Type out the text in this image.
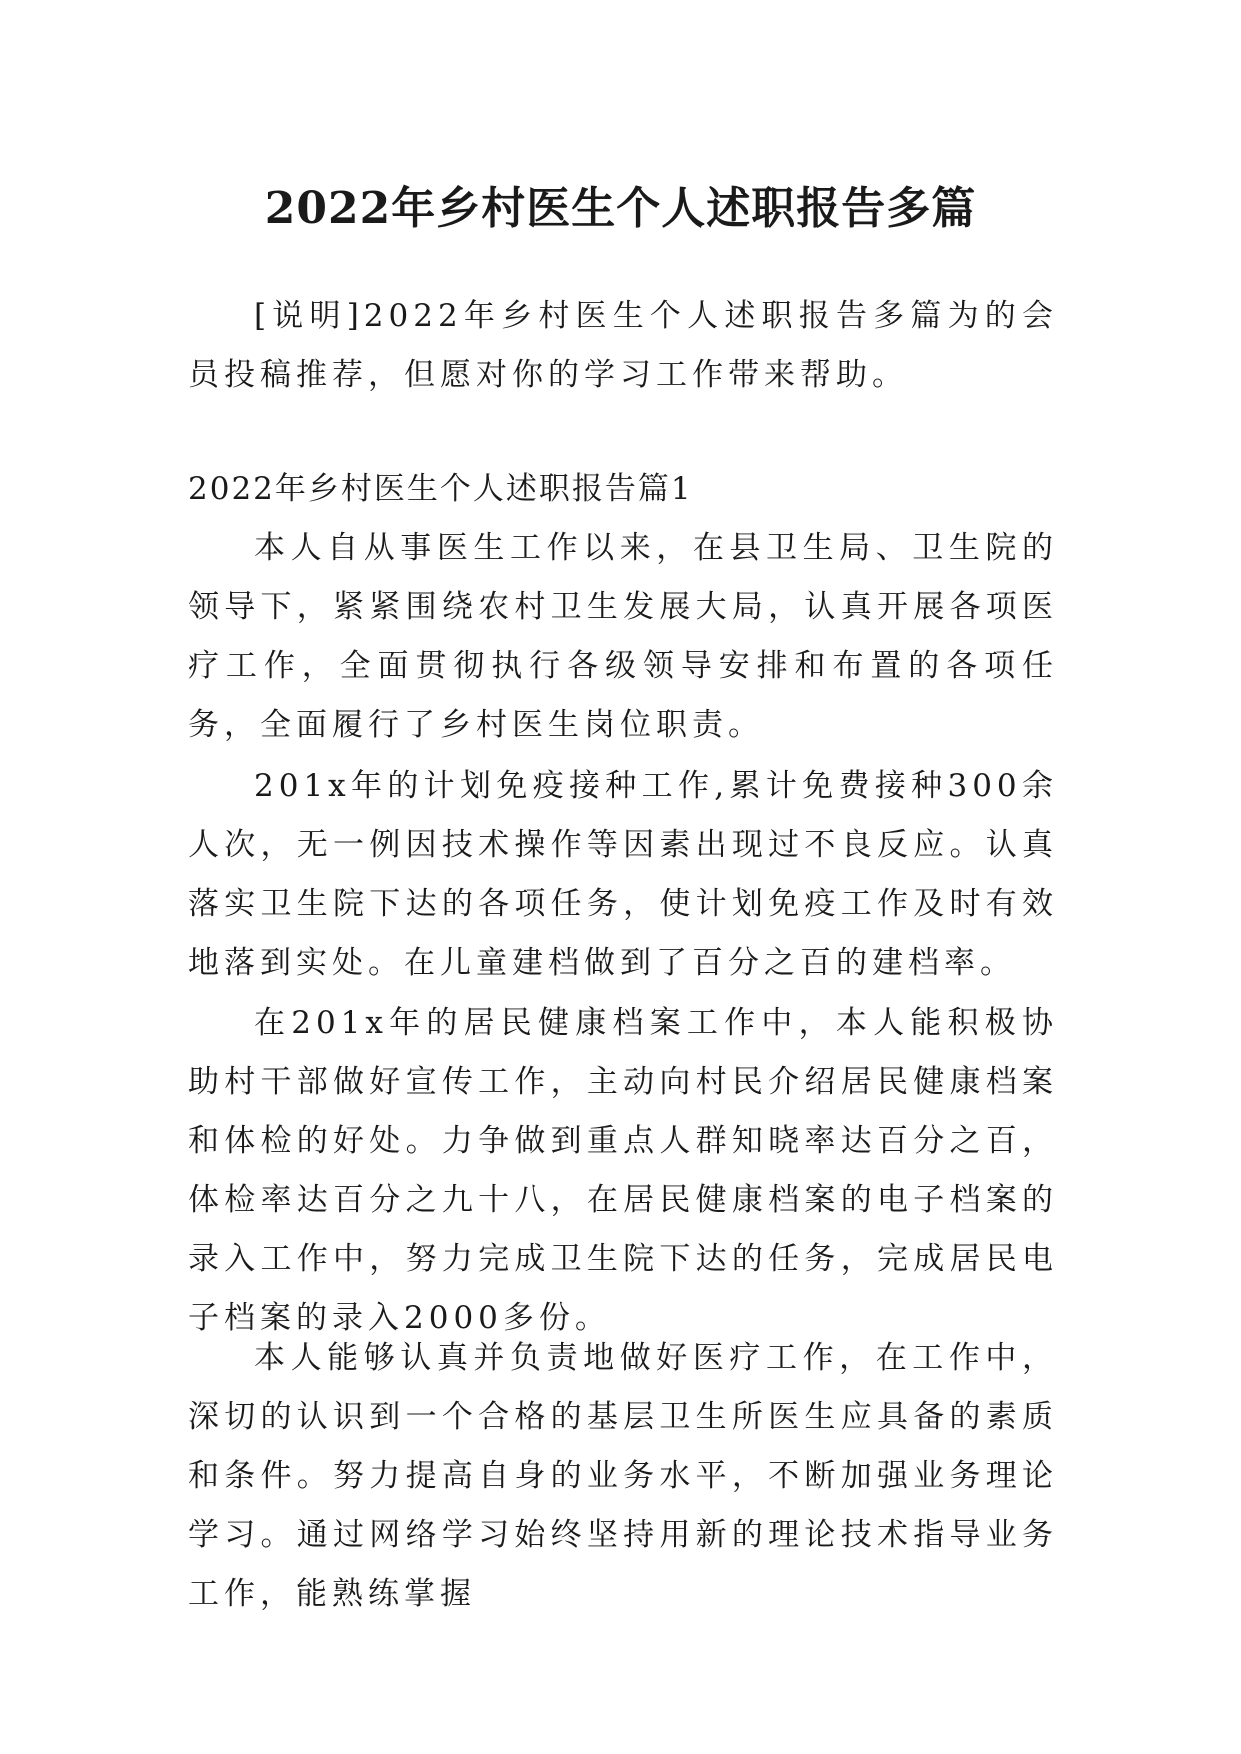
2022年乡村医生个人述职报告多篇

[说明]2022年乡村医生个人述职报告多篇为的会员投稿推荐，但愿对你的学习工作带来帮助。

2022年乡村医生个人述职报告篇1

本人自从事医生工作以来，在县卫生局、卫生院的领导下，紧紧围绕农村卫生发展大局，认真开展各项医疗工作，全面贯彻执行各级领导安排和布置的各项任务，全面履行了乡村医生岗位职责。

201x年的计划免疫接种工作,累计免费接种300余人次，无一例因技术操作等因素出现过不良反应。认真落实卫生院下达的各项任务，使计划免疫工作及时有效地落到实处。在儿童建档做到了百分之百的建档率。

在201x年的居民健康档案工作中，本人能积极协助村干部做好宣传工作，主动向村民介绍居民健康档案和体检的好处。力争做到重点人群知晓率达百分之百，体检率达百分之九十八，在居民健康档案的电子档案的录入工作中，努力完成卫生院下达的任务，完成居民电子档案的录入2000多份。

本人能够认真并负责地做好医疗工作，在工作中，深切的认识到一个合格的基层卫生所医生应具备的素质和条件。努力提高自身的业务水平，不断加强业务理论学习。通过网络学习始终坚持用新的理论技术指导业务工作，能熟练掌握
